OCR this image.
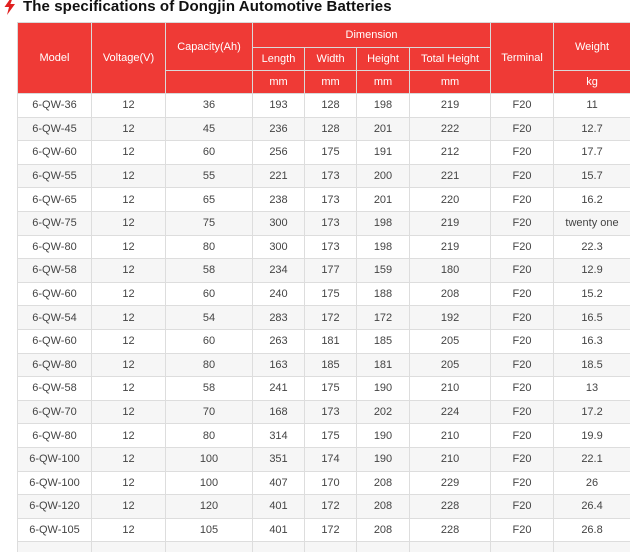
The specifications of Dongjin Automotive Batteries
Model	Voltage(V)	Capacity(Ah)	Dimension				Terminal	Weight
			Length	Width	Height	Total Height		
			mm	mm	mm	mm		kg
6-QW-36	12	36	193	128	198	219	F20	11
6-QW-45	12	45	236	128	201	222	F20	12.7
6-QW-60	12	60	256	175	191	212	F20	17.7
6-QW-55	12	55	221	173	200	221	F20	15.7
6-QW-65	12	65	238	173	201	220	F20	16.2
6-QW-75	12	75	300	173	198	219	F20	twenty one
6-QW-80	12	80	300	173	198	219	F20	22.3
6-QW-58	12	58	234	177	159	180	F20	12.9
6-QW-60	12	60	240	175	188	208	F20	15.2
6-QW-54	12	54	283	172	172	192	F20	16.5
6-QW-60	12	60	263	181	185	205	F20	16.3
6-QW-80	12	80	163	185	181	205	F20	18.5
6-QW-58	12	58	241	175	190	210	F20	13
6-QW-70	12	70	168	173	202	224	F20	17.2
6-QW-80	12	80	314	175	190	210	F20	19.9
6-QW-100	12	100	351	174	190	210	F20	22.1
6-QW-100	12	100	407	170	208	229	F20	26
6-QW-120	12	120	401	172	208	228	F20	26.4
6-QW-105	12	105	401	172	208	228	F20	26.8
